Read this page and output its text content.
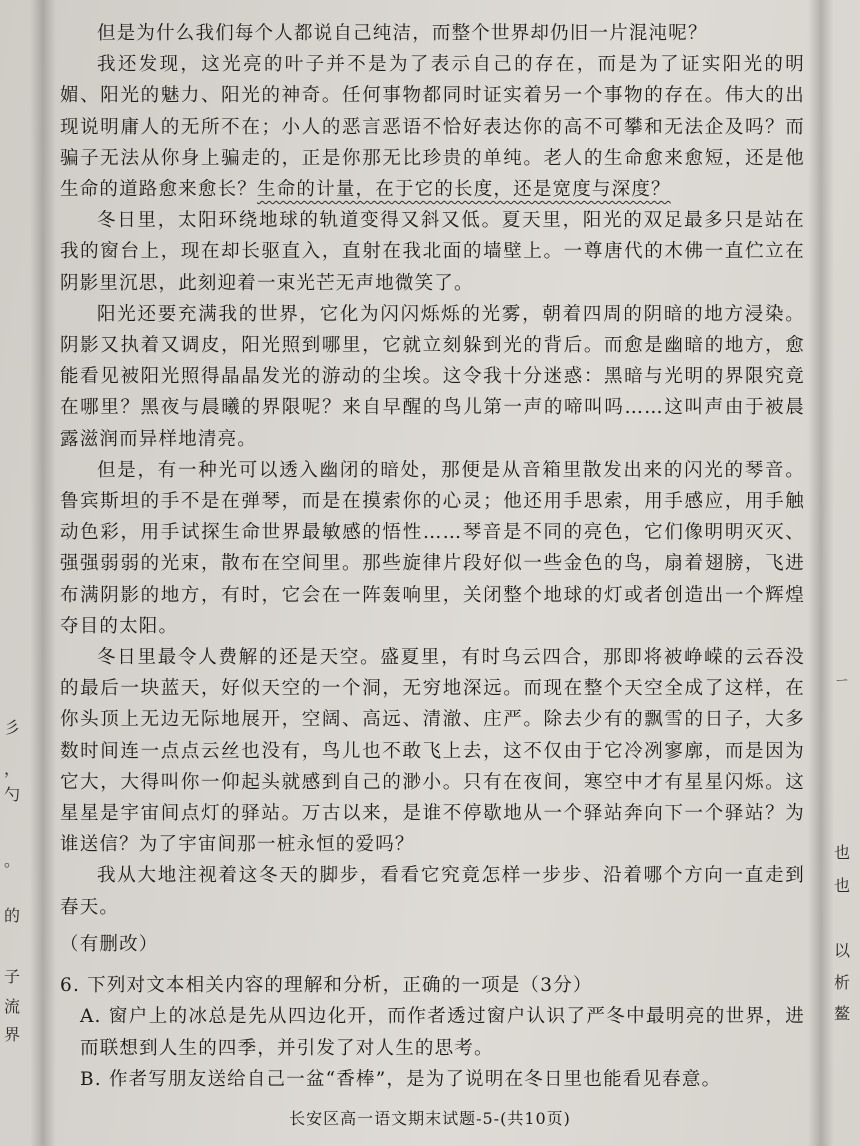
彡
，
勺
。
的
子
流
界
也
也
以
析
鳌
ㄧ

但是为什么我们每个人都说自己纯洁，而整个世界却仍旧一片混沌呢？

我还发现，这光亮的叶子并不是为了表示自己的存在，而是为了证实阳光的明媚、阳光的魅力、阳光的神奇。任何事物都同时证实着另一个事物的存在。伟大的出现说明庸人的无所不在；小人的恶言恶语不恰好表达你的高不可攀和无法企及吗？而骗子无法从你身上骗走的，正是你那无比珍贵的单纯。老人的生命愈来愈短，还是他生命的道路愈来愈长？生命的计量，在于它的长度，还是宽度与深度？

冬日里，太阳环绕地球的轨道变得又斜又低。夏天里，阳光的双足最多只是站在我的窗台上，现在却长驱直入，直射在我北面的墙壁上。一尊唐代的木佛一直伫立在阴影里沉思，此刻迎着一束光芒无声地微笑了。

阳光还要充满我的世界，它化为闪闪烁烁的光雾，朝着四周的阴暗的地方浸染。阴影又执着又调皮，阳光照到哪里，它就立刻躲到光的背后。而愈是幽暗的地方，愈能看见被阳光照得晶晶发光的游动的尘埃。这令我十分迷惑：黑暗与光明的界限究竟在哪里？黑夜与晨曦的界限呢？来自早醒的鸟儿第一声的啼叫吗……这叫声由于被晨露滋润而异样地清亮。

但是，有一种光可以透入幽闭的暗处，那便是从音箱里散发出来的闪光的琴音。鲁宾斯坦的手不是在弹琴，而是在摸索你的心灵；他还用手思索，用手感应，用手触动色彩，用手试探生命世界最敏感的悟性……琴音是不同的亮色，它们像明明灭灭、强强弱弱的光束，散布在空间里。那些旋律片段好似一些金色的鸟，扇着翅膀，飞进布满阴影的地方，有时，它会在一阵轰响里，关闭整个地球的灯或者创造出一个辉煌夺目的太阳。

冬日里最令人费解的还是天空。盛夏里，有时乌云四合，那即将被峥嵘的云吞没的最后一块蓝天，好似天空的一个洞，无穷地深远。而现在整个天空全成了这样，在你头顶上无边无际地展开，空阔、高远、清澈、庄严。除去少有的飘雪的日子，大多数时间连一点点云丝也没有，鸟儿也不敢飞上去，这不仅由于它冷冽寥廓，而是因为它大，大得叫你一仰起头就感到自己的渺小。只有在夜间，寒空中才有星星闪烁。这星星是宇宙间点灯的驿站。万古以来，是谁不停歇地从一个驿站奔向下一个驿站？为谁送信？为了宇宙间那一桩永恒的爱吗？

我从大地注视着这冬天的脚步，看看它究竟怎样一步步、沿着哪个方向一直走到春天。

（有删改）

6. 下列对文本相关内容的理解和分析，正确的一项是（3分）

A. 窗户上的冰总是先从四边化开，而作者透过窗户认识了严冬中最明亮的世界，进而联想到人生的四季，并引发了对人生的思考。

B. 作者写朋友送给自己一盆“香棒”，是为了说明在冬日里也能看见春意。

长安区高一语文期末试题-5-(共10页)
